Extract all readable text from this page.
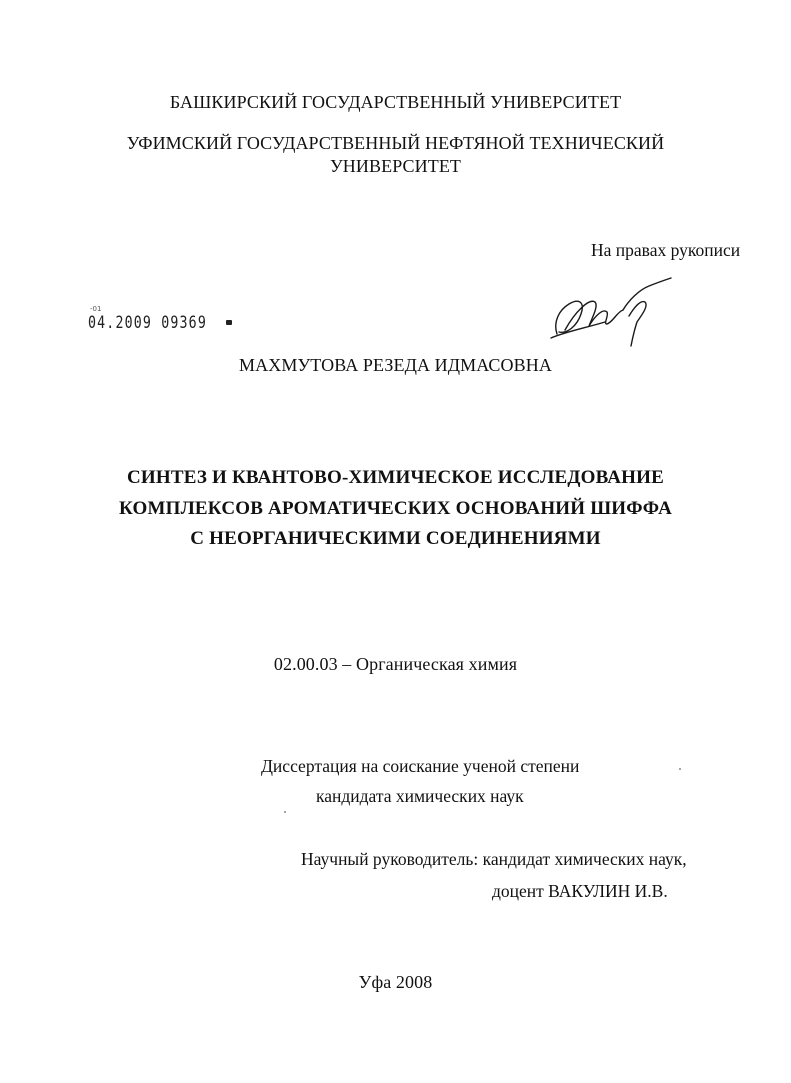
БАШКИРСКИЙ ГОСУДАРСТВЕННЫЙ УНИВЕРСИТЕТ
УФИМСКИЙ ГОСУДАРСТВЕННЫЙ НЕФТЯНОЙ ТЕХНИЧЕСКИЙ
УНИВЕРСИТЕТ
На правах рукописи
-01
04.2009 09369
МАХМУТОВА РЕЗЕДА ИДМАСОВНА
СИНТЕЗ И КВАНТОВО-ХИМИЧЕСКОЕ ИССЛЕДОВАНИЕ
КОМПЛЕКСОВ АРОМАТИЧЕСКИХ ОСНОВАНИЙ ШИФФА
С НЕОРГАНИЧЕСКИМИ СОЕДИНЕНИЯМИ
02.00.03 – Органическая химия
Диссертация на соискание ученой степени
кандидата химических наук
Научный руководитель: кандидат химических наук,
доцент ВАКУЛИН И.В.
Уфа 2008
